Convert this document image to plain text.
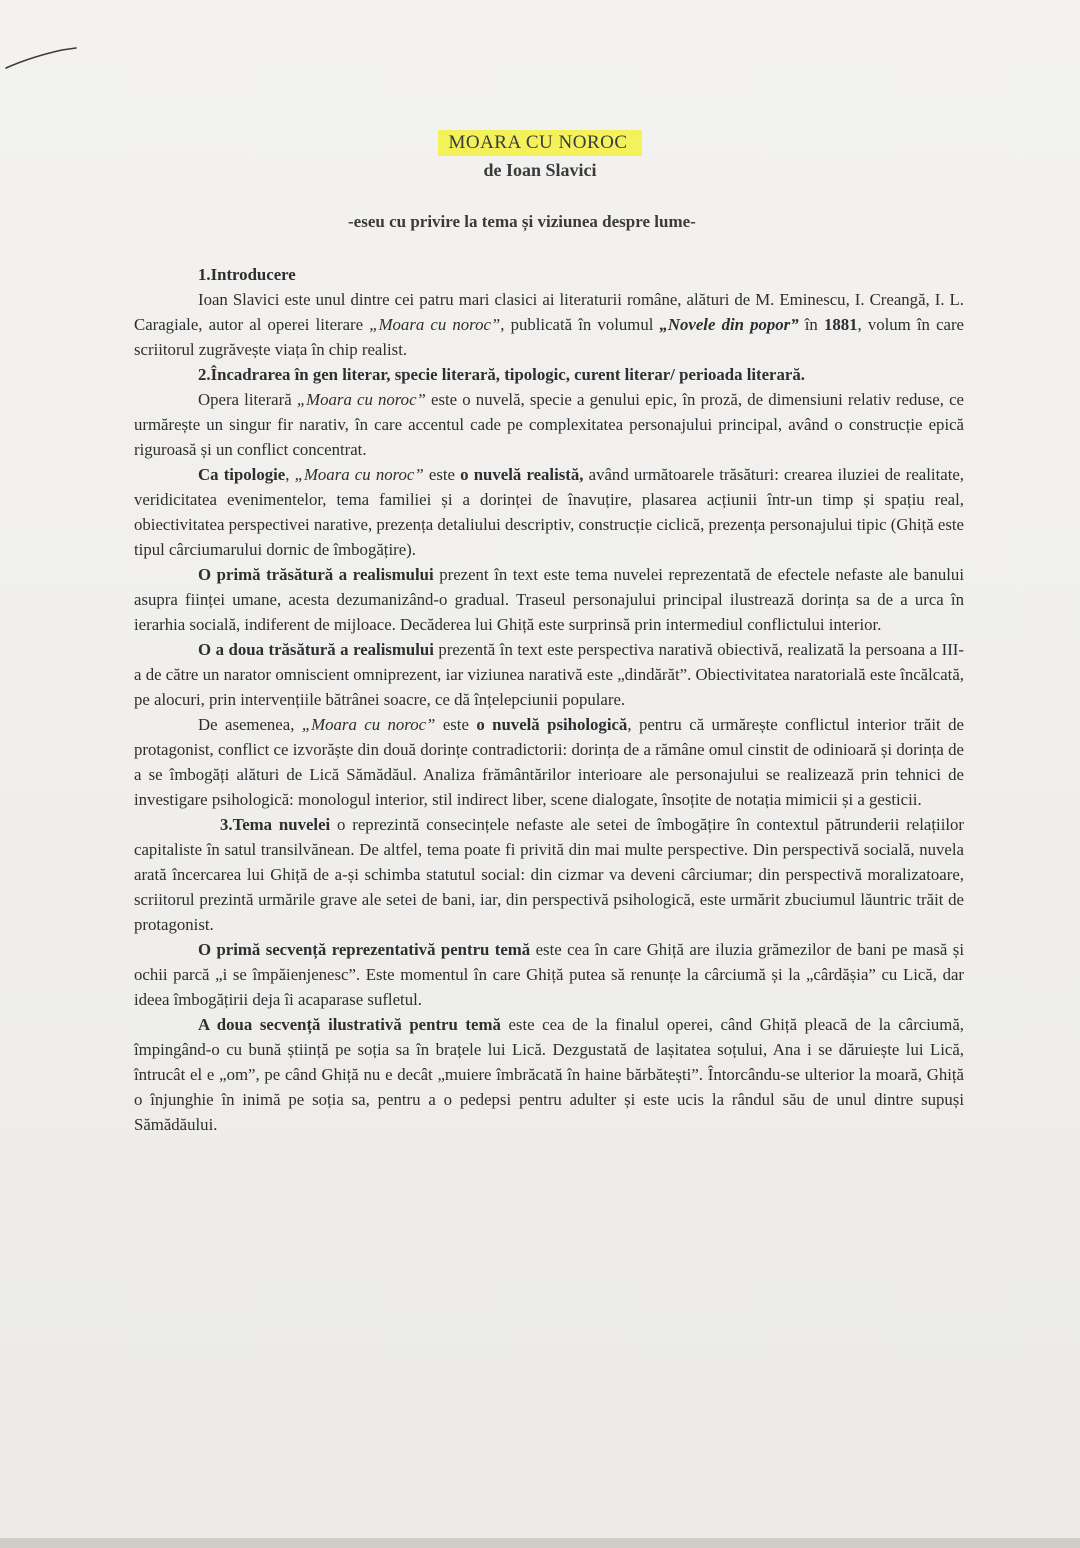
MOARA CU NOROC
de Ioan Slavici
-eseu cu privire la tema și viziunea despre lume-

1.Introducere

Ioan Slavici este unul dintre cei patru mari clasici ai literaturii române, alături de M. Eminescu, I. Creangă, I. L. Caragiale, autor al operei literare „Moara cu noroc”, publicată în volumul „Novele din popor” în 1881, volum în care scriitorul zugrăvește viața în chip realist.

2.Încadrarea în gen literar, specie literară, tipologic, curent literar/ perioada literară.

Opera literară „Moara cu noroc” este o nuvelă, specie a genului epic, în proză, de dimensiuni relativ reduse, ce urmărește un singur fir narativ, în care accentul cade pe complexitatea personajului principal, având o construcție epică riguroasă și un conflict concentrat.

Ca tipologie, „Moara cu noroc” este o nuvelă realistă, având următoarele trăsături: crearea iluziei de realitate, veridicitatea evenimentelor, tema familiei și a dorinței de înavuțire, plasarea acțiunii într-un timp și spațiu real, obiectivitatea perspectivei narative, prezența detaliului descriptiv, construcție ciclică, prezența personajului tipic (Ghiță este tipul cârciumarului dornic de îmbogățire).

O primă trăsătură a realismului prezent în text este tema nuvelei reprezentată de efectele nefaste ale banului asupra ființei umane, acesta dezumanizând-o gradual. Traseul personajului principal ilustrează dorința sa de a urca în ierarhia socială, indiferent de mijloace. Decăderea lui Ghiță este surprinsă prin intermediul conflictului interior.

O a doua trăsătură a realismului prezentă în text este perspectiva narativă obiectivă, realizată la persoana a III-a de către un narator omniscient omniprezent, iar viziunea narativă este „dindărăt”. Obiectivitatea naratorială este încălcată, pe alocuri, prin intervențiile bătrânei soacre, ce dă înțelepciunii populare.

De asemenea, „Moara cu noroc” este o nuvelă psihologică, pentru că urmărește conflictul interior trăit de protagonist, conflict ce izvorăște din două dorințe contradictorii: dorința de a rămâne omul cinstit de odinioară și dorința de a se îmbogăți alături de Lică Sămădăul. Analiza frământărilor interioare ale personajului se realizează prin tehnici de investigare psihologică: monologul interior, stil indirect liber, scene dialogate, însoțite de notația mimicii și a gesticii.

3.Tema nuvelei o reprezintă consecințele nefaste ale setei de îmbogățire în contextul pătrunderii relațiilor capitaliste în satul transilvănean. De altfel, tema poate fi privită din mai multe perspective. Din perspectivă socială, nuvela arată încercarea lui Ghiță de a-și schimba statutul social: din cizmar va deveni cârciumar; din perspectivă moralizatoare, scriitorul prezintă urmările grave ale setei de bani, iar, din perspectivă psihologică, este urmărit zbuciumul lăuntric trăit de protagonist.

O primă secvență reprezentativă pentru temă este cea în care Ghiță are iluzia grămezilor de bani pe masă și ochii parcă „i se împăienjenesc”. Este momentul în care Ghiță putea să renunțe la cârciumă și la „cârdășia” cu Lică, dar ideea îmbogățirii deja îi acaparase sufletul.

A doua secvență ilustrativă pentru temă este cea de la finalul operei, când Ghiță pleacă de la cârciumă, împingând-o cu bună știință pe soția sa în brațele lui Lică. Dezgustată de lașitatea soțului, Ana i se dăruiește lui Lică, întrucât el e „om”, pe când Ghiță nu e decât „muiere îmbrăcată în haine bărbătești”. Întorcându-se ulterior la moară, Ghiță o înjunghie în inimă pe soția sa, pentru a o pedepsi pentru adulter și este ucis la rândul său de unul dintre supuși Sămădăului.
